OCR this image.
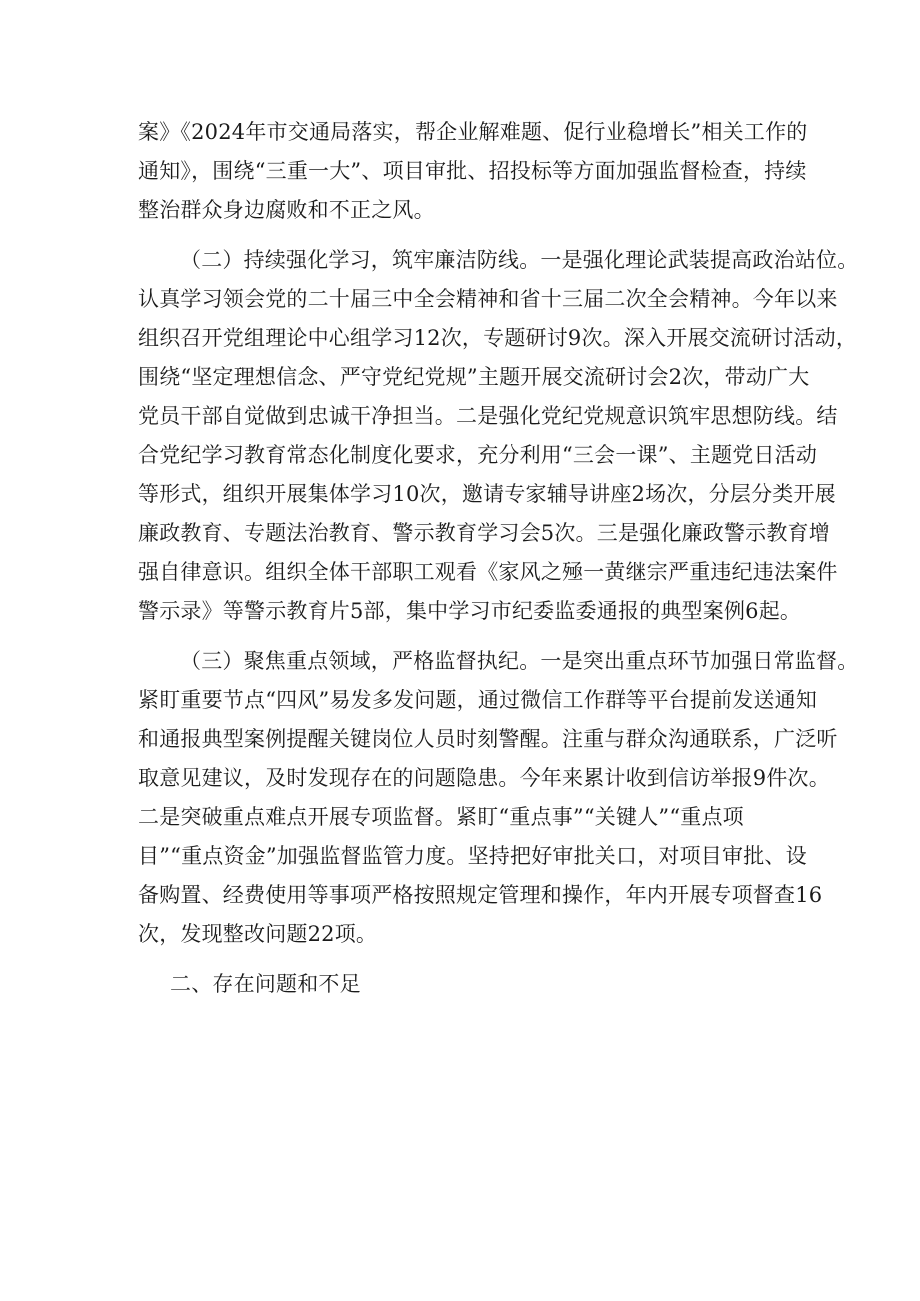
案》《2024年市交通局落实，帮企业解难题、促行业稳增长”相关工作的
通知》，围绕“三重一大”、项目审批、招投标等方面加强监督检查，持续
整治群众身边腐败和不正之风。
（二）持续强化学习，筑牢廉洁防线。一是强化理论武装提高政治站位。
认真学习领会党的二十届三中全会精神和省十三届二次全会精神。今年以来
组织召开党组理论中心组学习12次，专题研讨9次。深入开展交流研讨活动，
围绕“坚定理想信念、严守党纪党规”主题开展交流研讨会2次，带动广大
党员干部自觉做到忠诚干净担当。二是强化党纪党规意识筑牢思想防线。结
合党纪学习教育常态化制度化要求，充分利用“三会一课”、主题党日活动
等形式，组织开展集体学习10次，邀请专家辅导讲座2场次，分层分类开展
廉政教育、专题法治教育、警示教育学习会5次。三是强化廉政警示教育增
强自律意识。组织全体干部职工观看《家风之殛一黄继宗严重违纪违法案件
警示录》等警示教育片5部，集中学习市纪委监委通报的典型案例6起。
（三）聚焦重点领域，严格监督执纪。一是突出重点环节加强日常监督。
紧盯重要节点“四风”易发多发问题，通过微信工作群等平台提前发送通知
和通报典型案例提醒关键岗位人员时刻警醒。注重与群众沟通联系，广泛听
取意见建议，及时发现存在的问题隐患。今年来累计收到信访举报9件次。
二是突破重点难点开展专项监督。紧盯“重点事”“关键人”“重点项
目”“重点资金”加强监督监管力度。坚持把好审批关口，对项目审批、设
备购置、经费使用等事项严格按照规定管理和操作，年内开展专项督查16
次，发现整改问题22项。
二、存在问题和不足
